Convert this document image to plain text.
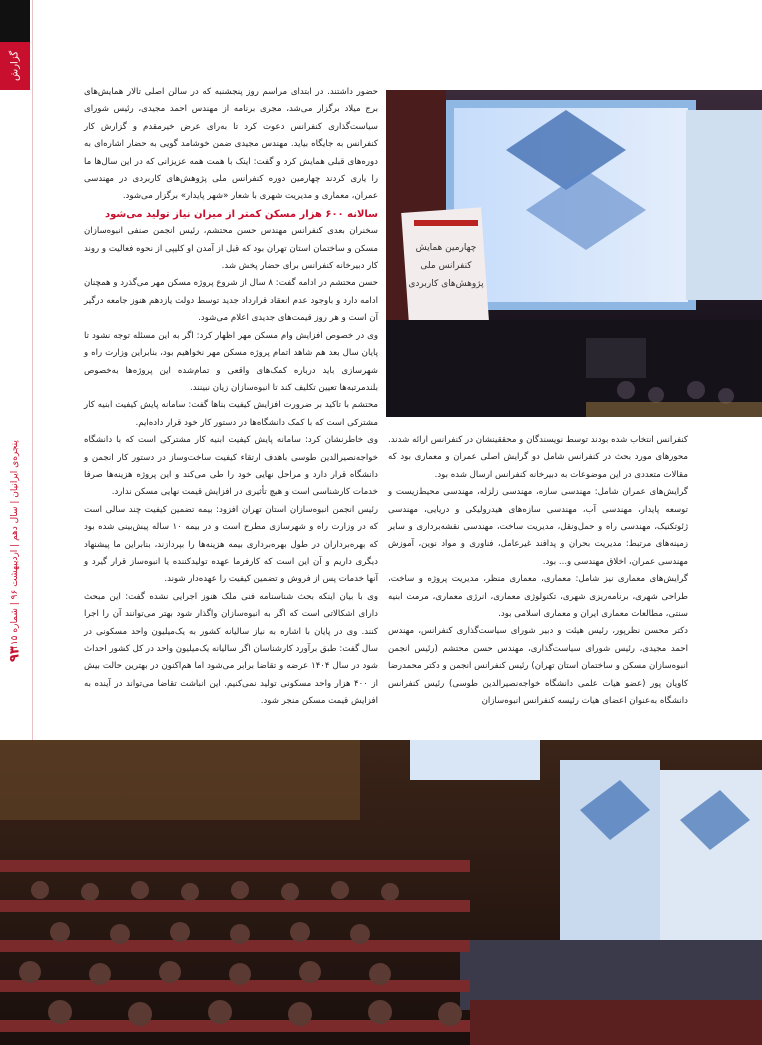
گزارش
پنجره‌ی ایرانیان | سال دهم | اردیبهشت ۹۶ | شماره ۱۱۵
۹۳

حضور داشتند. در ابتدای مراسم روز پنجشنبه که در سالن اصلی تالار همایش‌های برج میلاد برگزار می‌شد، مجری برنامه از مهندس احمد مجیدی، رئیس شورای سیاست‌گذاری کنفرانس دعوت کرد تا به‌رای عرض خیرمقدم و گزارش کار کنفرانس به جایگاه بیاید. مهندس مجیدی ضمن خوشامد گویی به حضار اشاره‌ای به دوره‌های قبلی همایش کرد و گفت: اینک با همت همه عزیزانی که در این سال‌ها ما را یاری کردند چهارمین دوره کنفرانس ملی پژوهش‌های کاربردی در مهندسی عمران، معماری و مدیریت شهری با شعار «شهر پایدار» برگزار می‌شود.

سالانه ۶۰۰ هزار مسکن کمتر از میزان نیاز تولید می‌شود

سخنران بعدی کنفرانس مهندس حسن محتشم، رئیس انجمن صنفی انبوه‌سازان مسکن و ساختمان استان تهران بود که قبل از آمدن او کلیپی از نحوه فعالیت و روند کار دبیرخانه کنفرانس برای حضار پخش شد.

حسن محتشم در ادامه گفت: ۸ سال از شروع پروژه مسکن مهر می‌گذرد و همچنان ادامه دارد و باوجود عدم انعقاد قرارداد جدید توسط دولت یازدهم هنوز جامعه درگیر آن است و هر روز قیمت‌های جدیدی اعلام می‌شود.

وی در خصوص افزایش وام مسکن مهر اظهار کرد: اگر به این مسئله توجه نشود تا پایان سال بعد هم شاهد اتمام پروژه مسکن مهر نخواهیم بود، بنابراین وزارت راه و شهرسازی باید درباره کمک‌های واقعی و تمام‌شده این پروژه‌ها به‌خصوص بلندمرتبه‌ها تعیین تکلیف کند تا انبوه‌سازان زیان نبینند.

محتشم با تاکید بر ضرورت افزایش کیفیت بناها گفت: سامانه پایش کیفیت ابنیه کار مشترکی است که با کمک دانشگاه‌ها در دستور کار خود قرار داده‌ایم.

وی خاطرنشان کرد: سامانه پایش کیفیت ابنیه کار مشترکی است که با دانشگاه خواجه‌نصیرالدین طوسی باهدف ارتقاء کیفیت ساخت‌وساز در دستور کار انجمن و دانشگاه قرار دارد و مراحل نهایی خود را طی می‌کند و این پروژه هزینه‌ها صرفا خدمات کارشناسی است و هیچ تأثیری در افزایش قیمت نهایی مسکن ندارد.

رئیس انجمن انبوه‌سازان استان تهران افزود: بیمه تضمین کیفیت چند سالی است که در وزارت راه و شهرسازی مطرح است و در بیمه ۱۰ ساله پیش‌بینی شده بود که بهره‌برداران در طول بهره‌برداری بیمه هزینه‌ها را بپردازند، بنابراین ما پیشنهاد دیگری داریم و آن این است که کارفرما عهده تولیدکننده یا انبوه‌ساز قرار گیرد و آنها خدمات پس از فروش و تضمین کیفیت را عهده‌دار شوند.

وی با بیان اینکه بحث شناسنامه فنی ملک هنوز اجرایی نشده گفت: این مبحث دارای اشکالاتی است که اگر به انبوه‌سازان واگذار شود بهتر می‌توانند آن را اجرا کنند. وی در پایان با اشاره به نیاز سالیانه کشور به یک‌میلیون واحد مسکونی در سال گفت: طبق برآورد کارشناسان اگر سالیانه یک‌میلیون واحد در کل کشور احداث شود در سال ۱۴۰۴ عرضه و تقاضا برابر می‌شود اما هم‌اکنون در بهترین حالت بیش از ۴۰۰ هزار واحد مسکونی تولید نمی‌کنیم. این انباشت تقاضا می‌تواند در آینده به افزایش قیمت مسکن منجر شود.

چهارمین همایش
کنفرانس ملی
پژوهش‌های کاربردی

کنفرانس انتخاب شده بودند توسط نویسندگان و محققینشان در کنفرانس ارائه شدند. محورهای مورد بحث در کنفرانس شامل دو گرایش اصلی عمران و معماری بود که مقالات متعددی در این موضوعات به دبیرخانه کنفرانس ارسال شده بود.

گرایش‌های عمران شامل: مهندسی سازه، مهندسی زلزله، مهندسی محیط‌زیست و توسعه پایدار، مهندسی آب، مهندسی سازه‌های هیدرولیکی و دریایی، مهندسی ژئوتکنیک، مهندسی راه و حمل‌ونقل، مدیریت ساخت، مهندسی نقشه‌برداری و سایر زمینه‌های مرتبط: مدیریت بحران و پدافند غیرعامل، فناوری و مواد نوین، آموزش مهندسی عمران، اخلاق مهندسی و... بود.

گرایش‌های معماری نیز شامل: معماری، معماری منظر، مدیریت پروژه و ساخت، طراحی شهری، برنامه‌ریزی شهری، تکنولوژی معماری، انرژی معماری، مرمت ابنیه سنتی، مطالعات معماری ایران و معماری اسلامی بود.

دکتر محسن نظرپور، رئیس هیئت و دبیر شورای سیاست‌گذاری کنفرانس، مهندس احمد مجیدی، رئیس شورای سیاست‌گذاری، مهندس حسن محتشم (رئیس انجمن انبوه‌سازان مسکن و ساختمان استان تهران) رئیس کنفرانس انجمن و دکتر محمدرضا کاویان پور (عضو هیات علمی دانشگاه خواجه‌نصیرالدین طوسی) رئیس کنفرانس دانشگاه به‌عنوان اعضای هیات رئیسه کنفرانس انبوه‌سازان
